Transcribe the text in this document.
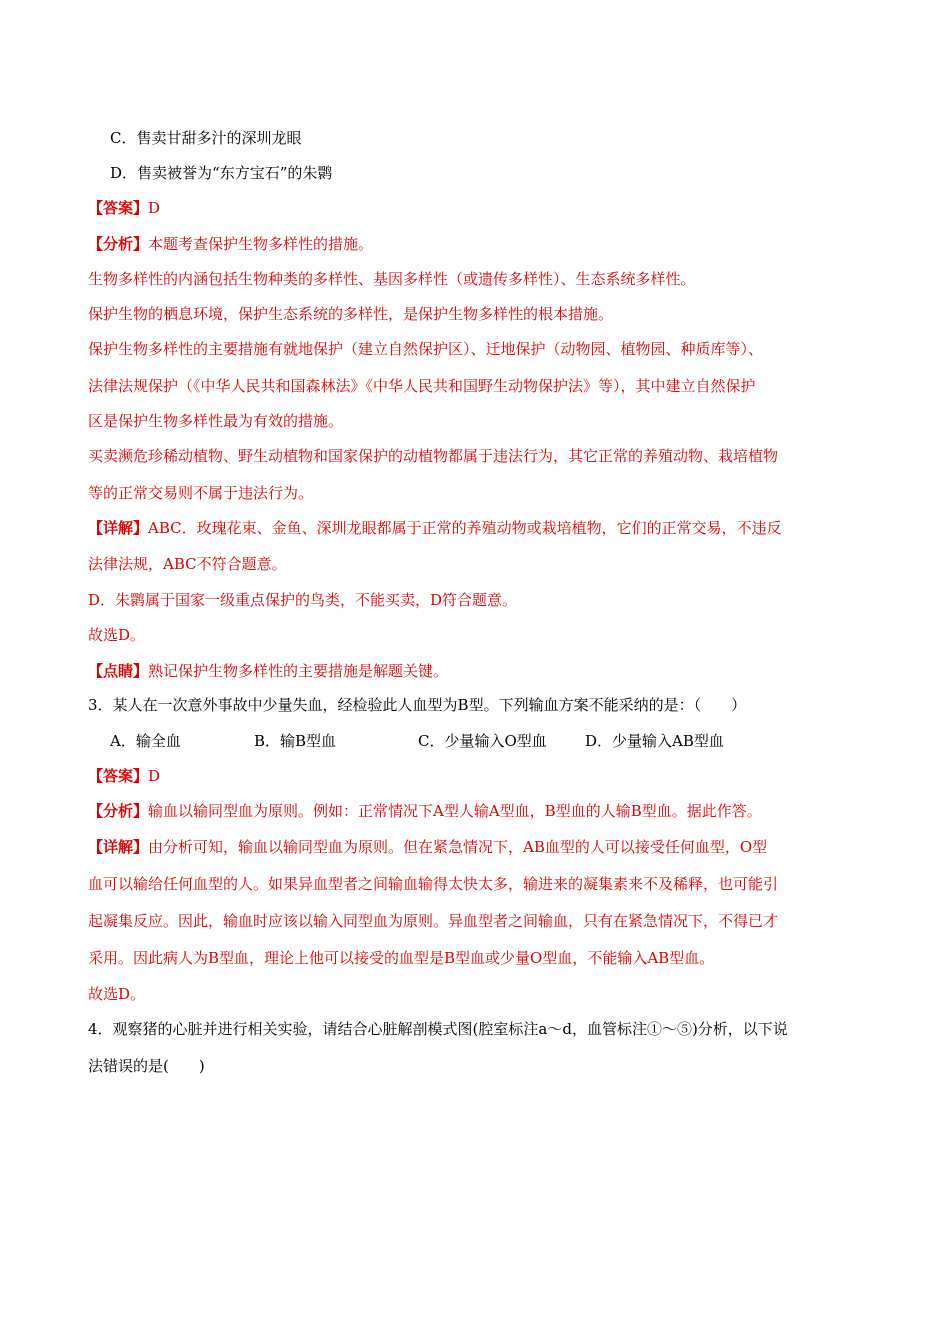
C．售卖甘甜多汁的深圳龙眼
D．售卖被誉为“东方宝石”的朱鹮
【答案】D
【分析】本题考查保护生物多样性的措施。
生物多样性的内涵包括生物种类的多样性、基因多样性（或遗传多样性）、生态系统多样性。
保护生物的栖息环境，保护生态系统的多样性，是保护生物多样性的根本措施。
保护生物多样性的主要措施有就地保护（建立自然保护区）、迁地保护（动物园、植物园、种质库等）、
法律法规保护（《中华人民共和国森林法》《中华人民共和国野生动物保护法》等），其中建立自然保护
区是保护生物多样性最为有效的措施。
买卖濒危珍稀动植物、野生动植物和国家保护的动植物都属于违法行为，其它正常的养殖动物、栽培植物
等的正常交易则不属于违法行为。
【详解】ABC．玫瑰花束、金鱼、深圳龙眼都属于正常的养殖动物或栽培植物，它们的正常交易，不违反
法律法规，ABC不符合题意。
D．朱鹮属于国家一级重点保护的鸟类，不能买卖，D符合题意。
故选D。
【点睛】熟记保护生物多样性的主要措施是解题关键。
3．某人在一次意外事故中少量失血，经检验此人血型为B型。下列输血方案不能采纳的是：（　　）
A．输全血	B．输B型血	C．少量输入O型血	D．少量输入AB型血
【答案】D
【分析】输血以输同型血为原则。例如：正常情况下A型人输A型血，B型血的人输B型血。据此作答。
【详解】由分析可知，输血以输同型血为原则。但在紧急情况下，AB血型的人可以接受任何血型，O型
血可以输给任何血型的人。如果异血型者之间输血输得太快太多，输进来的凝集素来不及稀释，也可能引
起凝集反应。因此，输血时应该以输入同型血为原则。异血型者之间输血，只有在紧急情况下，不得已才
采用。因此病人为B型血，理论上他可以接受的血型是B型血或少量O型血，不能输入AB型血。
故选D。
4．观察猪的心脏并进行相关实验，请结合心脏解剖模式图(腔室标注a～d，血管标注①～⑤)分析，以下说
法错误的是(　　)
